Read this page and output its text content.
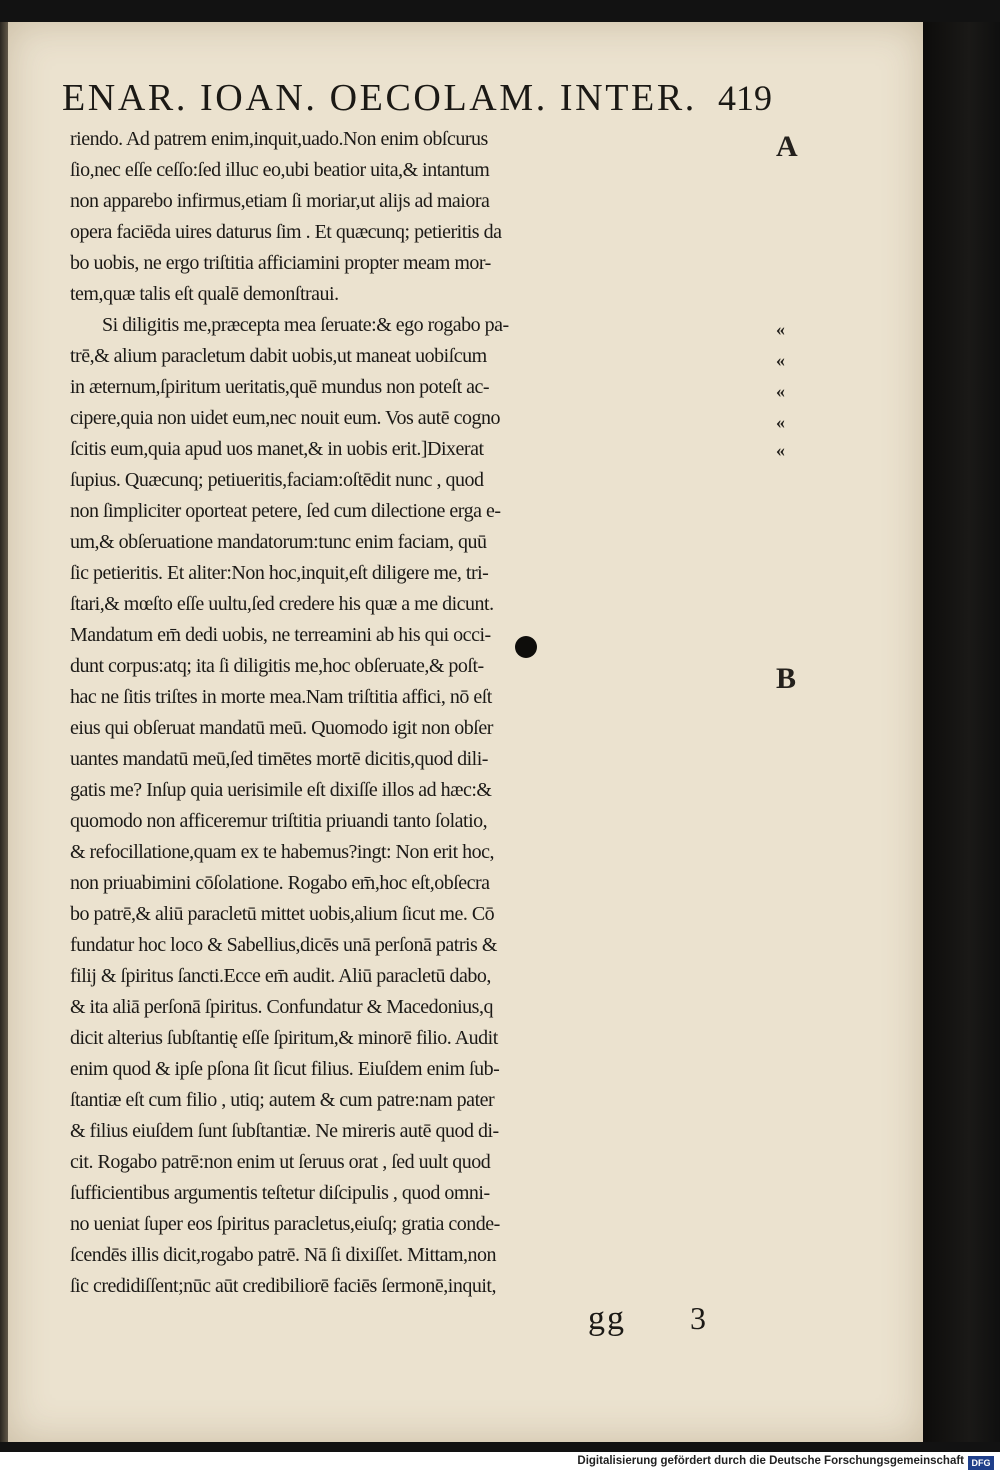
ENAR. IOAN. OECOLAM. INTER. 419
riendo. Ad patrem enim,inquit,uado.Non enim obſcurus
ſio,nec eſſe ceſſo:ſed illuc eo,ubi beatior uita,& intantum
non apparebo infirmus,etiam ſi moriar,ut alijs ad maiora
opera faciēda uires daturus ſim . Et quæcunq; petieritis da
bo uobis, ne ergo triſtitia afficiamini propter meam mor-
tem,quæ talis eſt qualē demonſtraui.
Si diligitis me,præcepta mea ſeruate:& ego rogabo pa-
trē,& alium paracletum dabit uobis,ut maneat uobiſcum
in æternum,ſpiritum ueritatis,quē mundus non poteſt ac-
cipere,quia non uidet eum,nec nouit eum. Vos autē cogno
ſcitis eum,quia apud uos manet,& in uobis erit.]Dixerat
ſupius. Quæcunq; petiueritis,faciam:oſtēdit nunc , quod
non ſimpliciter oporteat petere, ſed cum dilectione erga e-
um,& obſeruatione mandatorum:tunc enim faciam, quū
ſic petieritis. Et aliter:Non hoc,inquit,eſt diligere me, tri-
ſtari,& mœſto eſſe uultu,ſed credere his quæ a me dicunt.
Mandatum em̄ dedi uobis, ne terreamini ab his qui occi-
dunt corpus:atq; ita ſi diligitis me,hoc obſeruate,& poſt-
hac ne ſitis triſtes in morte mea.Nam triſtitia affici, nō eſt
eius qui obſeruat mandatū meū. Quomodo igit non obſer
uantes mandatū meū,ſed timētes mortē dicitis,quod dili-
gatis me? Inſup quia uerisimile eſt dixiſſe illos ad hæc:&
quomodo non afficeremur triſtitia priuandi tanto ſolatio,
& refocillatione,quam ex te habemus?ingt: Non erit hoc,
non priuabimini cōſolatione. Rogabo em̄,hoc eſt,obſecra
bo patrē,& aliū paracletū mittet uobis,alium ſicut me. Cō
fundatur hoc loco & Sabellius,dicēs unā perſonā patris &
filij & ſpiritus ſancti.Ecce em̄ audit. Aliū paracletū dabo,
& ita aliā perſonā ſpiritus. Confundatur & Macedonius,q
dicit alterius ſubſtantię eſſe ſpiritum,& minorē filio. Audit
enim quod & ipſe pſona ſit ſicut filius. Eiuſdem enim ſub-
ſtantiæ eſt cum filio , utiq; autem & cum patre:nam pater
& filius eiuſdem ſunt ſubſtantiæ. Ne mireris autē quod di-
cit. Rogabo patrē:non enim ut ſeruus orat , ſed uult quod
ſufficientibus argumentis teſtetur diſcipulis , quod omni-
no ueniat ſuper eos ſpiritus paracletus,eiuſq; gratia conde-
ſcendēs illis dicit,rogabo patrē. Nā ſi dixiſſet. Mittam,non
ſic credidiſſent;nūc aūt credibiliorē faciēs ſermonē,inquit,
A
B
«
«
«
«
«
gg 3
Digitalisierung gefördert durch die Deutsche Forschungsgemeinschaft DFG
